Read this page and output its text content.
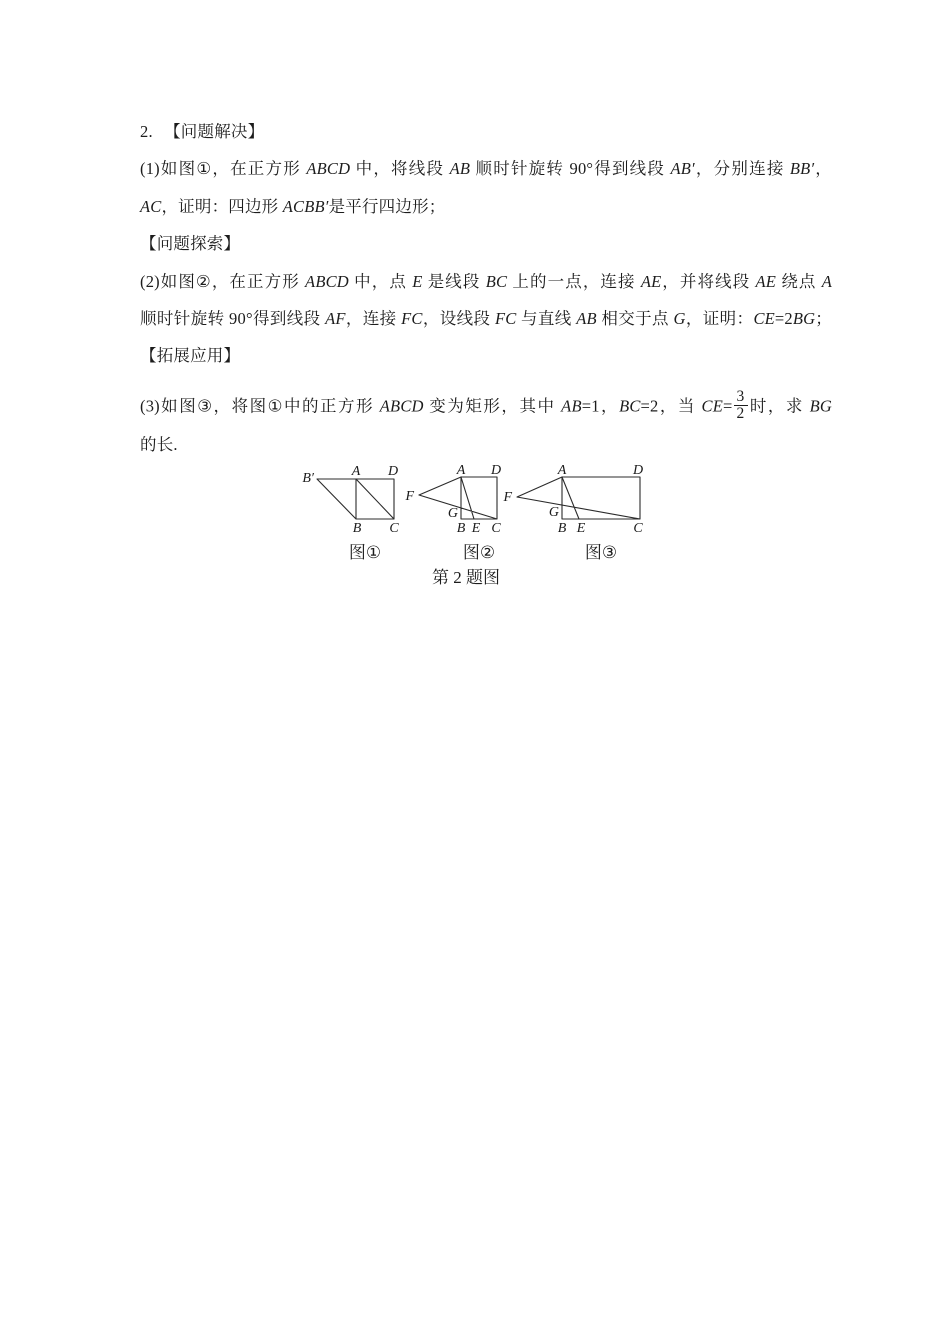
2. 【问题解决】
(1)如图①，在正方形 ABCD 中，将线段 AB 顺时针旋转 90°得到线段 AB′，分别连接 BB′，
AC，证明：四边形 ACBB′是平行四边形；
【问题探索】
(2)如图②，在正方形 ABCD 中，点 E 是线段 BC 上的一点，连接 AE，并将线段 AE 绕点 A
顺时针旋转 90°得到线段 AF，连接 FC，设线段 FC 与直线 AB 相交于点 G，证明：CE=2BG；
【拓展应用】
(3)如图③，将图①中的正方形 ABCD 变为矩形，其中 AB=1，BC=2，当 $CE= \frac{3}{2}$ 时，求 BG
的长.
B′	A D
B C
图①
F
A D
G
B E C
图②
F
A	D
G
B E	C
图③
第 2 题图
